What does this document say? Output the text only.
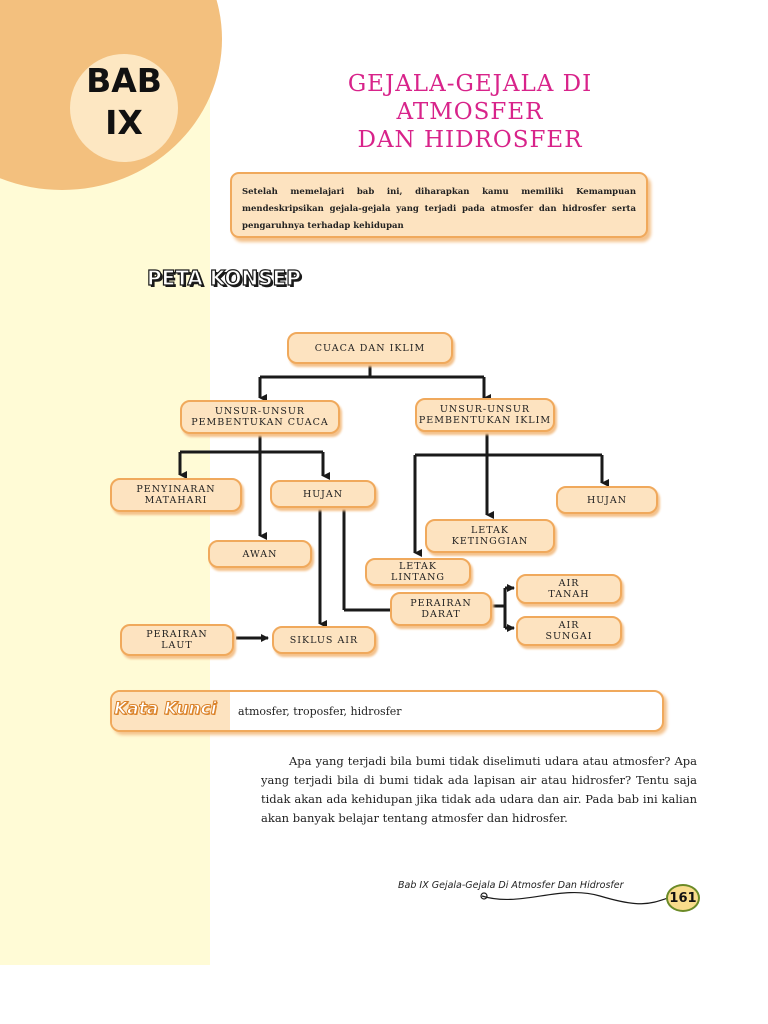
BAB
IX
GEJALA-GEJALA DI
ATMOSFER
DAN HIDROSFER
Setelah memelajari bab ini, diharapkan kamu memiliki Kemampuan mendeskripsikan gejala-gejala yang terjadi pada atmosfer dan hidrosfer serta pengaruhnya terhadap kehidupan
PETA KONSEP
CUACA DAN IKLIM
UNSUR-UNSUR
PEMBENTUKAN CUACA
UNSUR-UNSUR
PEMBENTUKAN IKLIM
PENYINARAN
MATAHARI
HUJAN
AWAN
HUJAN
LETAK
KETINGGIAN
LETAK
LINTANG
PERAIRAN
DARAT
AIR
TANAH
AIR
SUNGAI
PERAIRAN
LAUT	SIKLUS AIR
Kata Kunci atmosfer, troposfer, hidrosfer

Apa yang terjadi bila bumi tidak diselimuti udara atau atmosfer? Apa yang terjadi bila di bumi tidak ada lapisan air atau hidrosfer? Tentu saja tidak akan ada kehidupan jika tidak ada udara dan air. Pada bab ini kalian akan banyak belajar tentang atmosfer dan hidrosfer.

Bab IX Gejala-Gejala Di Atmosfer Dan Hidrosfer
161
